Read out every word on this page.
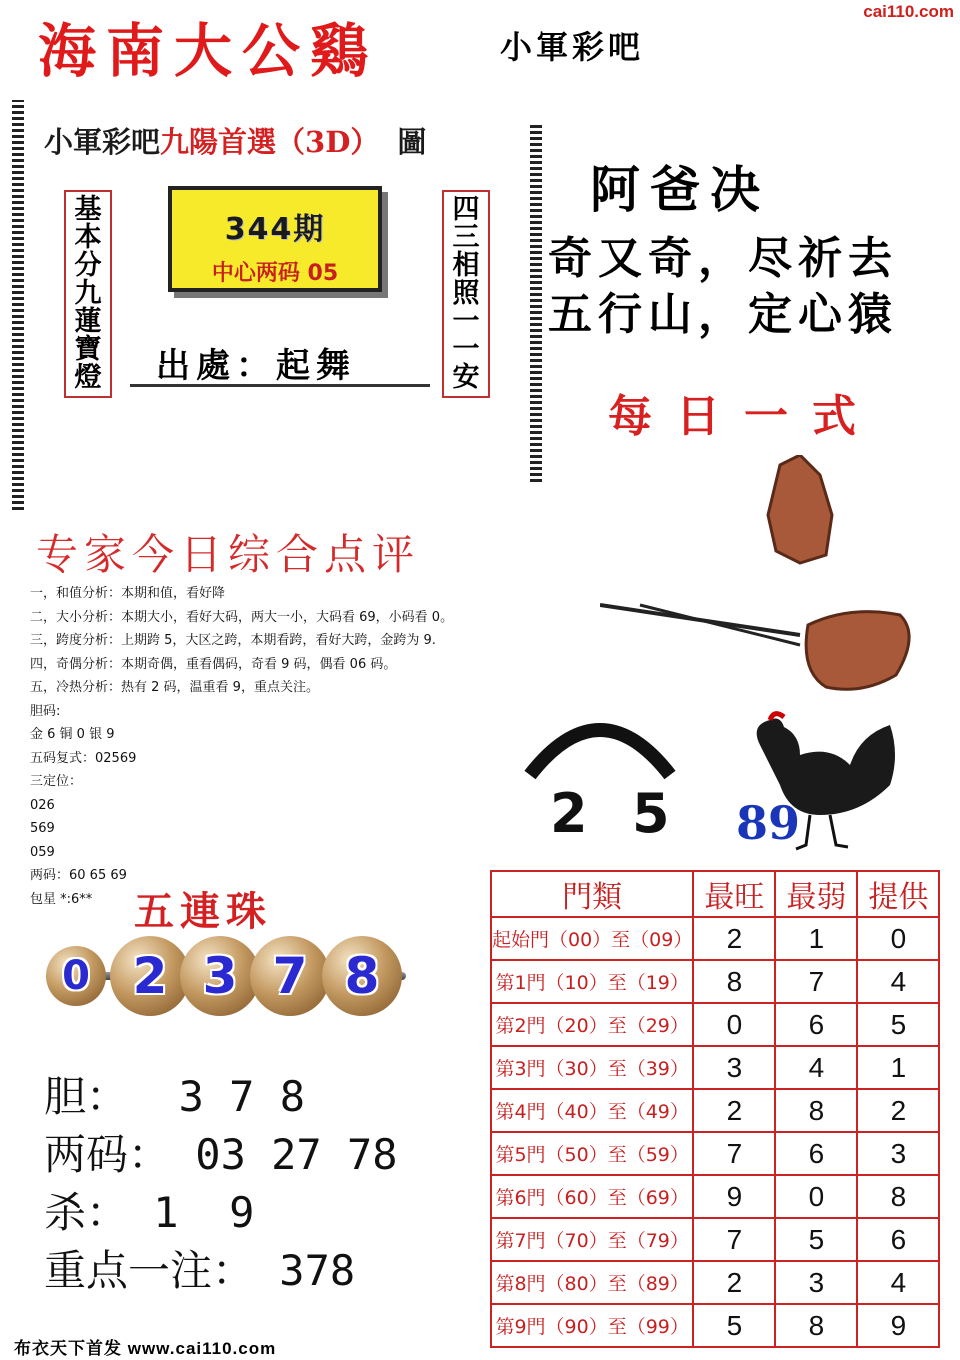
海南大公鷄	小軍彩吧
cai110.com
小軍彩吧九陽首選（3D） 圖
基
本
分
九
蓮
寶
燈
四
三
相
照
一
一
安
344期
中心两码 05
出處：起舞
阿爸决
奇又奇，尽祈去
五行山，定心猿
每日一式
2 5 89
专家今日综合点评
一，和值分析：本期和值，看好降
二，大小分析：本期大小，看好大码，两大一小，大码看 69，小码看 0。
三，跨度分析：上期跨 5，大区之跨，本期看跨，看好大跨，金跨为 9.
四，奇偶分析：本期奇偶，重看偶码，奇看 9 码，偶看 06 码。
五，冷热分析：热有 2 码，温重看 9，重点关注。
胆码:
金 6 铜 0 银 9
五码复式：02569
三定位：
026
569
059
两码：60 65 69
包星 *:6**	五連珠
0 2 3 7 8
胆：  3 7 8
两码： 03 27 78
杀： 1  9
重点一注： 378
布衣天下首发 www.cai110.com
門類	最旺	最弱	提供
起始門（00）至（09）	2	1	0
第1門（10）至（19）	8	7	4
第2門（20）至（29）	0	6	5
第3門（30）至（39）	3	4	1
第4門（40）至（49）	2	8	2
第5門（50）至（59）	7	6	3
第6門（60）至（69）	9	0	8
第7門（70）至（79）	7	5	6
第8門（80）至（89）	2	3	4
第9門（90）至（99）	5	8	9
